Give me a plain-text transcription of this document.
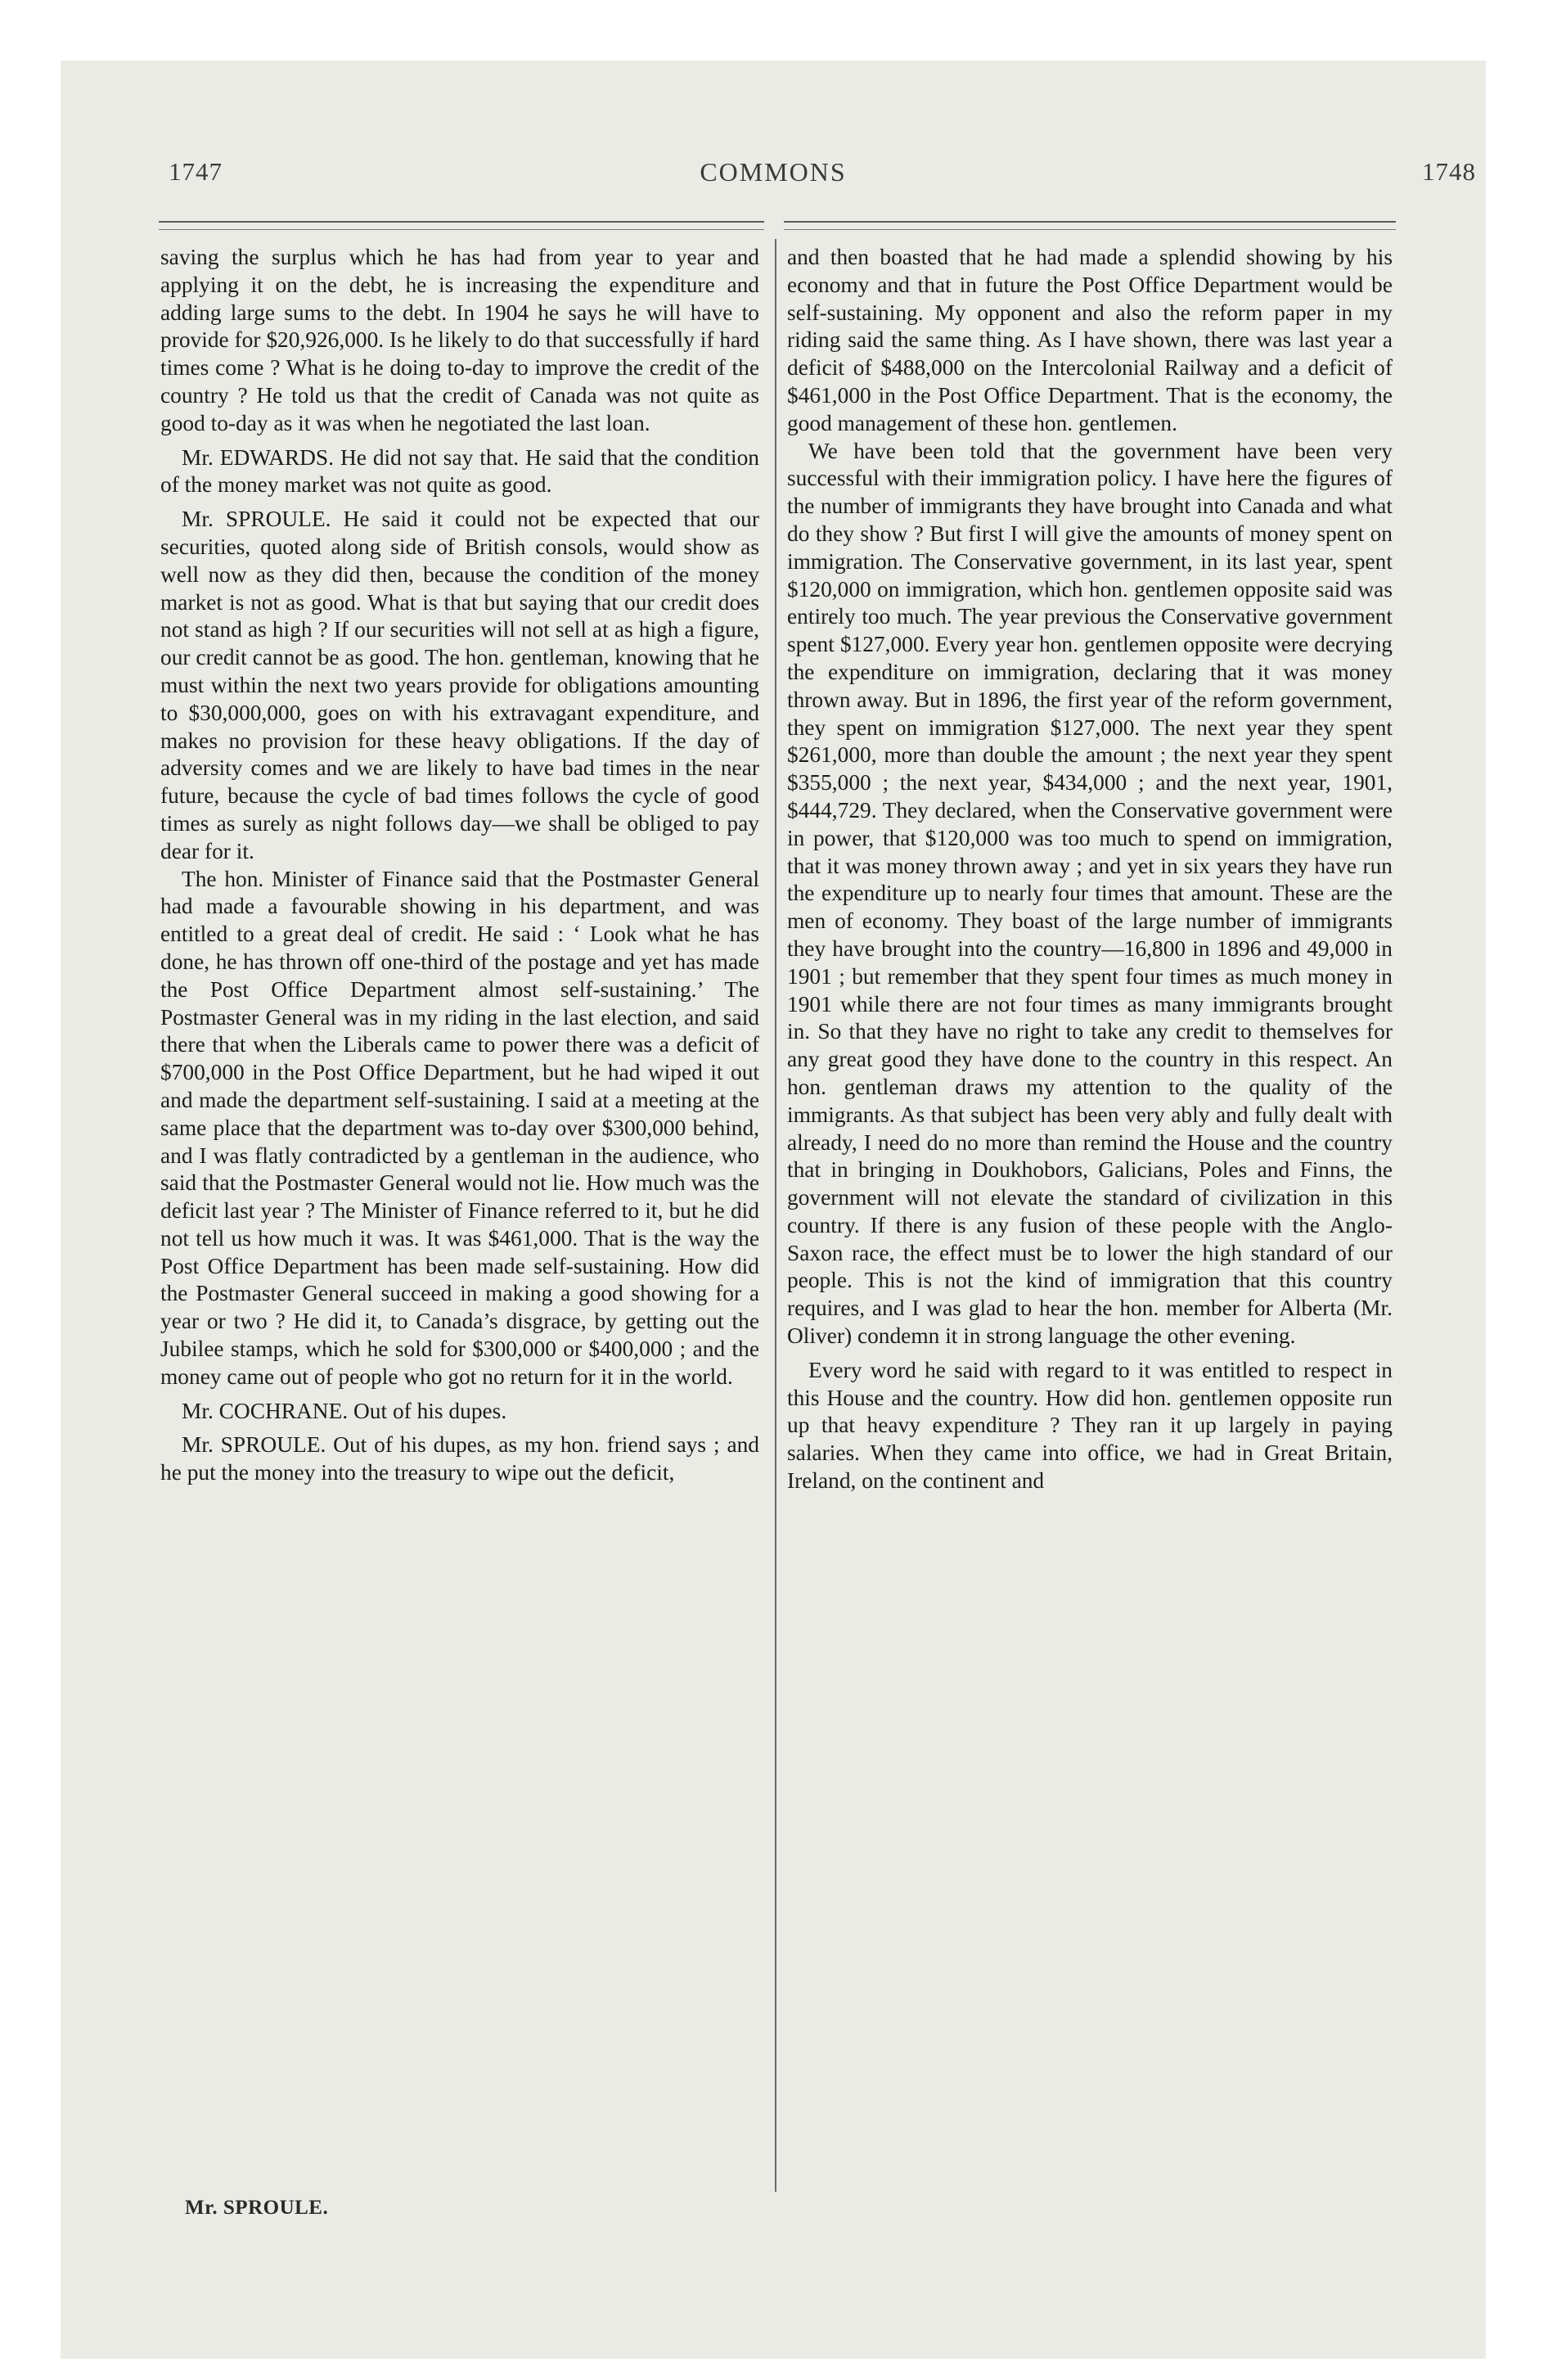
1747	COMMONS	1748

saving the surplus which he has had from year to year and applying it on the debt, he is increasing the expenditure and adding large sums to the debt. In 1904 he says he will have to provide for $20,926,000. Is he likely to do that successfully if hard times come ? What is he doing to-day to improve the credit of the country ? He told us that the credit of Canada was not quite as good to-day as it was when he negotiated the last loan.

Mr. EDWARDS. He did not say that. He said that the condition of the money market was not quite as good.

Mr. SPROULE. He said it could not be expected that our securities, quoted along side of British consols, would show as well now as they did then, because the condition of the money market is not as good. What is that but saying that our credit does not stand as high ? If our securities will not sell at as high a figure, our credit cannot be as good. The hon. gentleman, knowing that he must within the next two years provide for obligations amounting to $30,000,000, goes on with his extravagant expenditure, and makes no provision for these heavy obligations. If the day of adversity comes and we are likely to have bad times in the near future, because the cycle of bad times follows the cycle of good times as surely as night follows day—we shall be obliged to pay dear for it.

The hon. Minister of Finance said that the Postmaster General had made a favourable showing in his department, and was entitled to a great deal of credit. He said : ‘ Look what he has done, he has thrown off one-third of the postage and yet has made the Post Office Department almost self-sustaining.’ The Postmaster General was in my riding in the last election, and said there that when the Liberals came to power there was a deficit of $700,000 in the Post Office Department, but he had wiped it out and made the department self-sustaining. I said at a meeting at the same place that the department was to-day over $300,000 behind, and I was flatly contradicted by a gentleman in the audience, who said that the Postmaster General would not lie. How much was the deficit last year ? The Minister of Finance referred to it, but he did not tell us how much it was. It was $461,000. That is the way the Post Office Department has been made self-sustaining. How did the Postmaster General succeed in making a good showing for a year or two ? He did it, to Canada’s disgrace, by getting out the Jubilee stamps, which he sold for $300,000 or $400,000 ; and the money came out of people who got no return for it in the world.

Mr. COCHRANE. Out of his dupes.

Mr. SPROULE. Out of his dupes, as my hon. friend says ; and he put the money into the treasury to wipe out the deficit,

and then boasted that he had made a splendid showing by his economy and that in future the Post Office Department would be self-sustaining. My opponent and also the reform paper in my riding said the same thing. As I have shown, there was last year a deficit of $488,000 on the Intercolonial Railway and a deficit of $461,000 in the Post Office Department. That is the economy, the good management of these hon. gentlemen.

We have been told that the government have been very successful with their immigration policy. I have here the figures of the number of immigrants they have brought into Canada and what do they show ? But first I will give the amounts of money spent on immigration. The Conservative government, in its last year, spent $120,000 on immigration, which hon. gentlemen opposite said was entirely too much. The year previous the Conservative government spent $127,000. Every year hon. gentlemen opposite were decrying the expenditure on immigration, declaring that it was money thrown away. But in 1896, the first year of the reform government, they spent on immigration $127,000. The next year they spent $261,000, more than double the amount ; the next year they spent $355,000 ; the next year, $434,000 ; and the next year, 1901, $444,729. They declared, when the Conservative government were in power, that $120,000 was too much to spend on immigration, that it was money thrown away ; and yet in six years they have run the expenditure up to nearly four times that amount. These are the men of economy. They boast of the large number of immigrants they have brought into the country—16,800 in 1896 and 49,000 in 1901 ; but remember that they spent four times as much money in 1901 while there are not four times as many immigrants brought in. So that they have no right to take any credit to themselves for any great good they have done to the country in this respect. An hon. gentleman draws my attention to the quality of the immigrants. As that subject has been very ably and fully dealt with already, I need do no more than remind the House and the country that in bringing in Doukhobors, Galicians, Poles and Finns, the government will not elevate the standard of civilization in this country. If there is any fusion of these people with the Anglo-Saxon race, the effect must be to lower the high standard of our people. This is not the kind of immigration that this country requires, and I was glad to hear the hon. member for Alberta (Mr. Oliver) condemn it in strong language the other evening.

Every word he said with regard to it was entitled to respect in this House and the country. How did hon. gentlemen opposite run up that heavy expenditure ? They ran it up largely in paying salaries. When they came into office, we had in Great Britain, Ireland, on the continent and

Mr. SPROULE.
